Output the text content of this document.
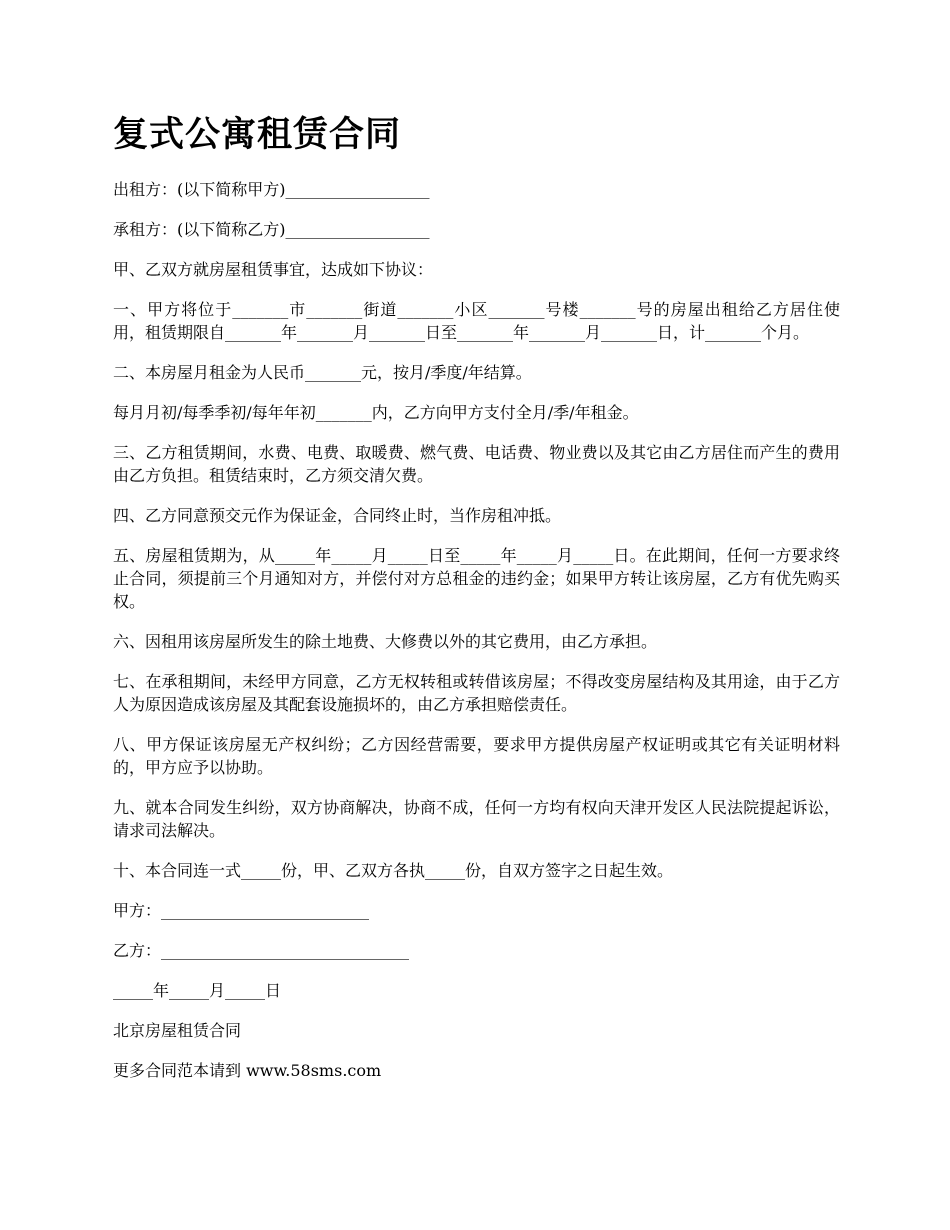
复式公寓租赁合同

出租方：(以下简称甲方)__________________

承租方：(以下简称乙方)__________________

甲、乙双方就房屋租赁事宜，达成如下协议：

一、甲方将位于_______市_______街道_______小区_______号楼_______号的房屋出租给乙方居住使用，租赁期限自_______年_______月_______日至_______年_______月_______日，计_______个月。

二、本房屋月租金为人民币_______元，按月/季度/年结算。

每月月初/每季季初/每年年初_______内，乙方向甲方支付全月/季/年租金。

三、乙方租赁期间，水费、电费、取暖费、燃气费、电话费、物业费以及其它由乙方居住而产生的费用由乙方负担。租赁结束时，乙方须交清欠费。

四、乙方同意预交元作为保证金，合同终止时，当作房租冲抵。

五、房屋租赁期为，从_____年_____月_____日至_____年_____月_____日。在此期间，任何一方要求终止合同，须提前三个月通知对方，并偿付对方总租金的违约金；如果甲方转让该房屋，乙方有优先购买权。

六、因租用该房屋所发生的除土地费、大修费以外的其它费用，由乙方承担。

七、在承租期间，未经甲方同意，乙方无权转租或转借该房屋；不得改变房屋结构及其用途，由于乙方人为原因造成该房屋及其配套设施损坏的，由乙方承担赔偿责任。

八、甲方保证该房屋无产权纠纷；乙方因经营需要，要求甲方提供房屋产权证明或其它有关证明材料的，甲方应予以协助。

九、就本合同发生纠纷，双方协商解决，协商不成，任何一方均有权向天津开发区人民法院提起诉讼，请求司法解决。

十、本合同连一式_____份，甲、乙双方各执_____份，自双方签字之日起生效。

甲方：__________________________

乙方：_______________________________

_____年_____月_____日

北京房屋租赁合同

更多合同范本请到 www.58sms.com
